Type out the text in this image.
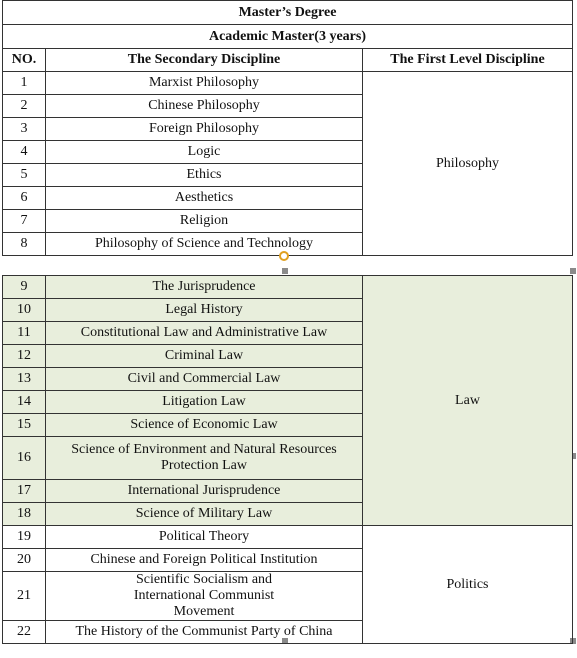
Master’s Degree		
Academic Master(3 years)		
NO.	The Secondary Discipline	The First Level Discipline
1	Marxist Philosophy	Philosophy
2	Chinese Philosophy	
3	Foreign Philosophy	
4	Logic	
5	Ethics	
6	Aesthetics	
7	Religion	
8	Philosophy of Science and Technology	
9	The Jurisprudence	Law
10	Legal History	
11	Constitutional Law and Administrative Law	
12	Criminal Law	
13	Civil and Commercial Law	
14	Litigation Law	
15	Science of Economic Law	
16	Science of Environment and Natural Resources Protection Law	
17	International Jurisprudence	
18	Science of Military Law	
19	Political Theory	Politics
20	Chinese and Foreign Political Institution	
21	Scientific Socialism and International Communist Movement	
22	The History of the Communist Party of China	
